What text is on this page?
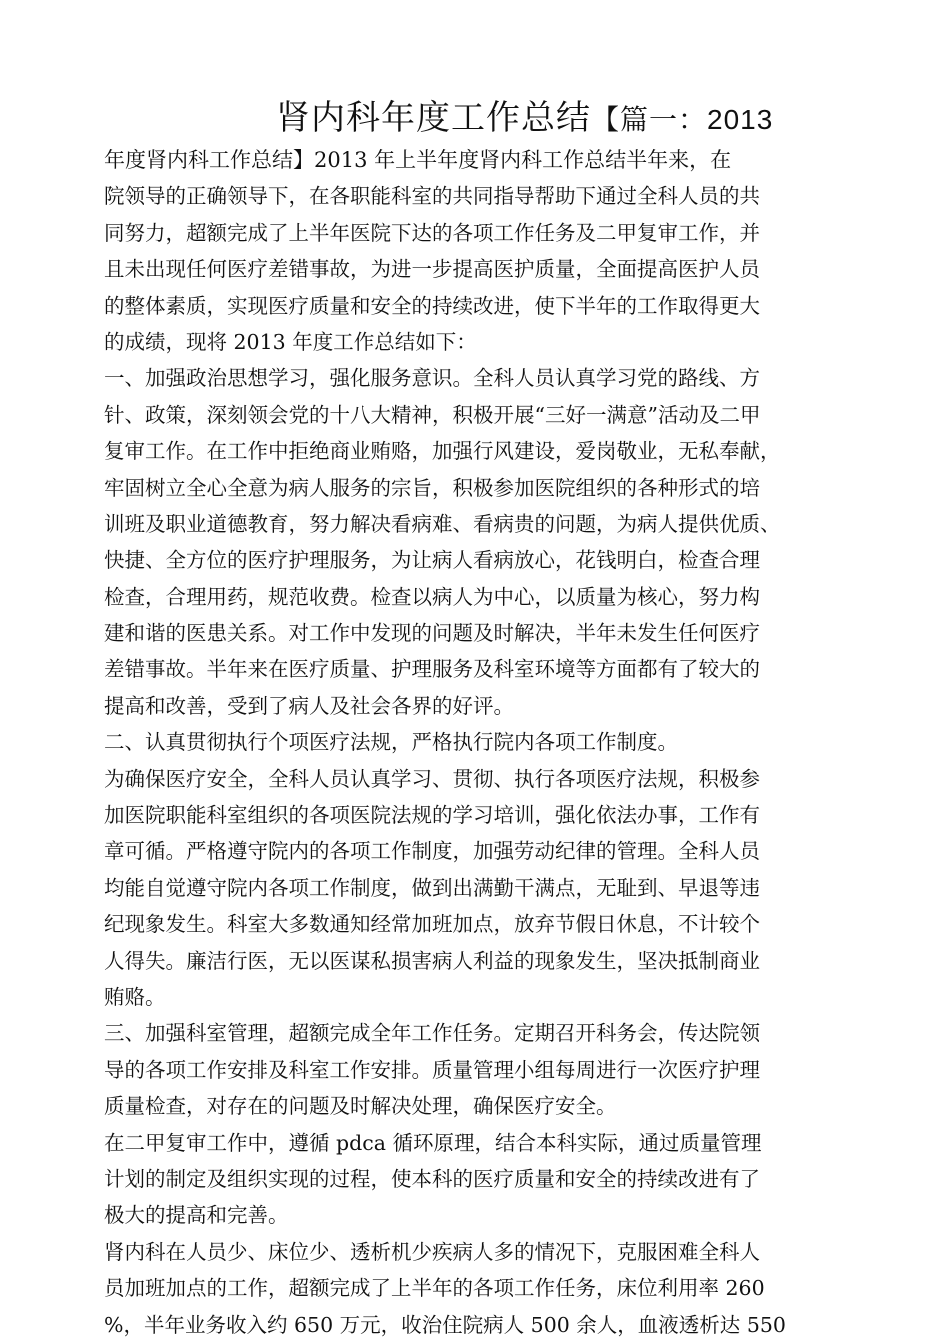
肾内科年度工作总结【篇一：2013
年度肾内科工作总结】2013 年上半年度肾内科工作总结半年来，在
院领导的正确领导下，在各职能科室的共同指导帮助下通过全科人员的共
同努力，超额完成了上半年医院下达的各项工作任务及二甲复审工作，并
且未出现任何医疗差错事故，为进一步提高医护质量，全面提高医护人员
的整体素质，实现医疗质量和安全的持续改进，使下半年的工作取得更大
的成绩，现将 2013 年度工作总结如下：
一、加强政治思想学习，强化服务意识。全科人员认真学习党的路线、方
针、政策，深刻领会党的十八大精神，积极开展“三好一满意”活动及二甲
复审工作。在工作中拒绝商业贿赂，加强行风建设，爱岗敬业，无私奉献，
牢固树立全心全意为病人服务的宗旨，积极参加医院组织的各种形式的培
训班及职业道德教育，努力解决看病难、看病贵的问题，为病人提供优质、
快捷、全方位的医疗护理服务，为让病人看病放心，花钱明白，检查合理
检查，合理用药，规范收费。检查以病人为中心，以质量为核心，努力构
建和谐的医患关系。对工作中发现的问题及时解决，半年未发生任何医疗
差错事故。半年来在医疗质量、护理服务及科室环境等方面都有了较大的
提高和改善，受到了病人及社会各界的好评。
二、认真贯彻执行个项医疗法规，严格执行院内各项工作制度。
为确保医疗安全，全科人员认真学习、贯彻、执行各项医疗法规，积极参
加医院职能科室组织的各项医院法规的学习培训，强化依法办事，工作有
章可循。严格遵守院内的各项工作制度，加强劳动纪律的管理。全科人员
均能自觉遵守院内各项工作制度，做到出满勤干满点，无耻到、早退等违
纪现象发生。科室大多数通知经常加班加点，放弃节假日休息，不计较个
人得失。廉洁行医，无以医谋私损害病人利益的现象发生，坚决抵制商业
贿赂。
三、加强科室管理，超额完成全年工作任务。定期召开科务会，传达院领
导的各项工作安排及科室工作安排。质量管理小组每周进行一次医疗护理
质量检查，对存在的问题及时解决处理，确保医疗安全。
在二甲复审工作中，遵循 pdca 循环原理，结合本科实际，通过质量管理
计划的制定及组织实现的过程，使本科的医疗质量和安全的持续改进有了
极大的提高和完善。
肾内科在人员少、床位少、透析机少疾病人多的情况下，克服困难全科人
员加班加点的工作，超额完成了上半年的各项工作任务，床位利用率 260
%，半年业务收入约 650 万元，收治住院病人 500 余人，血液透析达 550
